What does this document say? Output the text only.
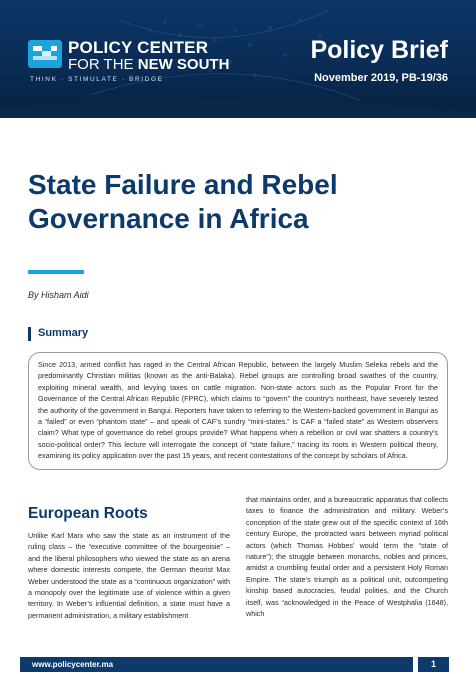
POLICY CENTER
FOR THE NEW SOUTH
THINK · STIMULATE · BRIDGE
Policy Brief
November 2019, PB-19/36
State Failure and Rebel Governance in Africa
By Hisham Aidi
Summary

Since 2013, armed conflict has raged in the Central African Republic, between the largely Muslim Seleka rebels and the predominantly Christian militias (known as the anti-Balaka). Rebel groups are controlling broad swathes of the country, exploiting mineral wealth, and levying taxes on cattle migration. Non-state actors such as the Popular Front for the Governance of the Central African Republic (FPRC), which claims to “govern” the country’s northeast, have severely tested the authority of the government in Bangui. Reporters have taken to referring to the Western-backed government in Bangui as a “failed” or even “phantom state” – and speak of CAF’s sundry “mini-states.” Is CAF a “failed state” as Western observers claim? What type of governance do rebel groups provide? What happens when a rebellion or civil war shatters a country’s socio-political order? This lecture will interrogate the concept of “state failure,” tracing its roots in Western political theory, examining its policy application over the past 15 years, and recent contestations of the concept by scholars of Africa.

European Roots

Unlike Karl Marx who saw the state as an instrument of the ruling class – the “executive committee of the bourgeoisie” – and the liberal philosophers who viewed the state as an arena where domestic interests compete, the German theorist Max Weber understood the state as a “continuous organization” with a monopoly over the legitimate use of violence within a given territory. In Weber’s influential definition, a state must have a permanent administration, a military establishment

that maintains order, and a bureaucratic apparatus that collects taxes to finance the administration and military. Weber’s conception of the state grew out of the specific context of 16th century Europe, the protracted wars between myriad political actors (which Thomas Hobbes’ would term the “state of nature”); the struggle between monarchs, nobles and princes, amidst a crumbling feudal order and a persistent Holy Roman Empire. The state’s triumph as a political unit, outcompeting kinship based autocracies, feudal polities, and the Church itself, was “acknowledged in the Peace of Westphalia (1648), which

www.policycenter.ma	1
